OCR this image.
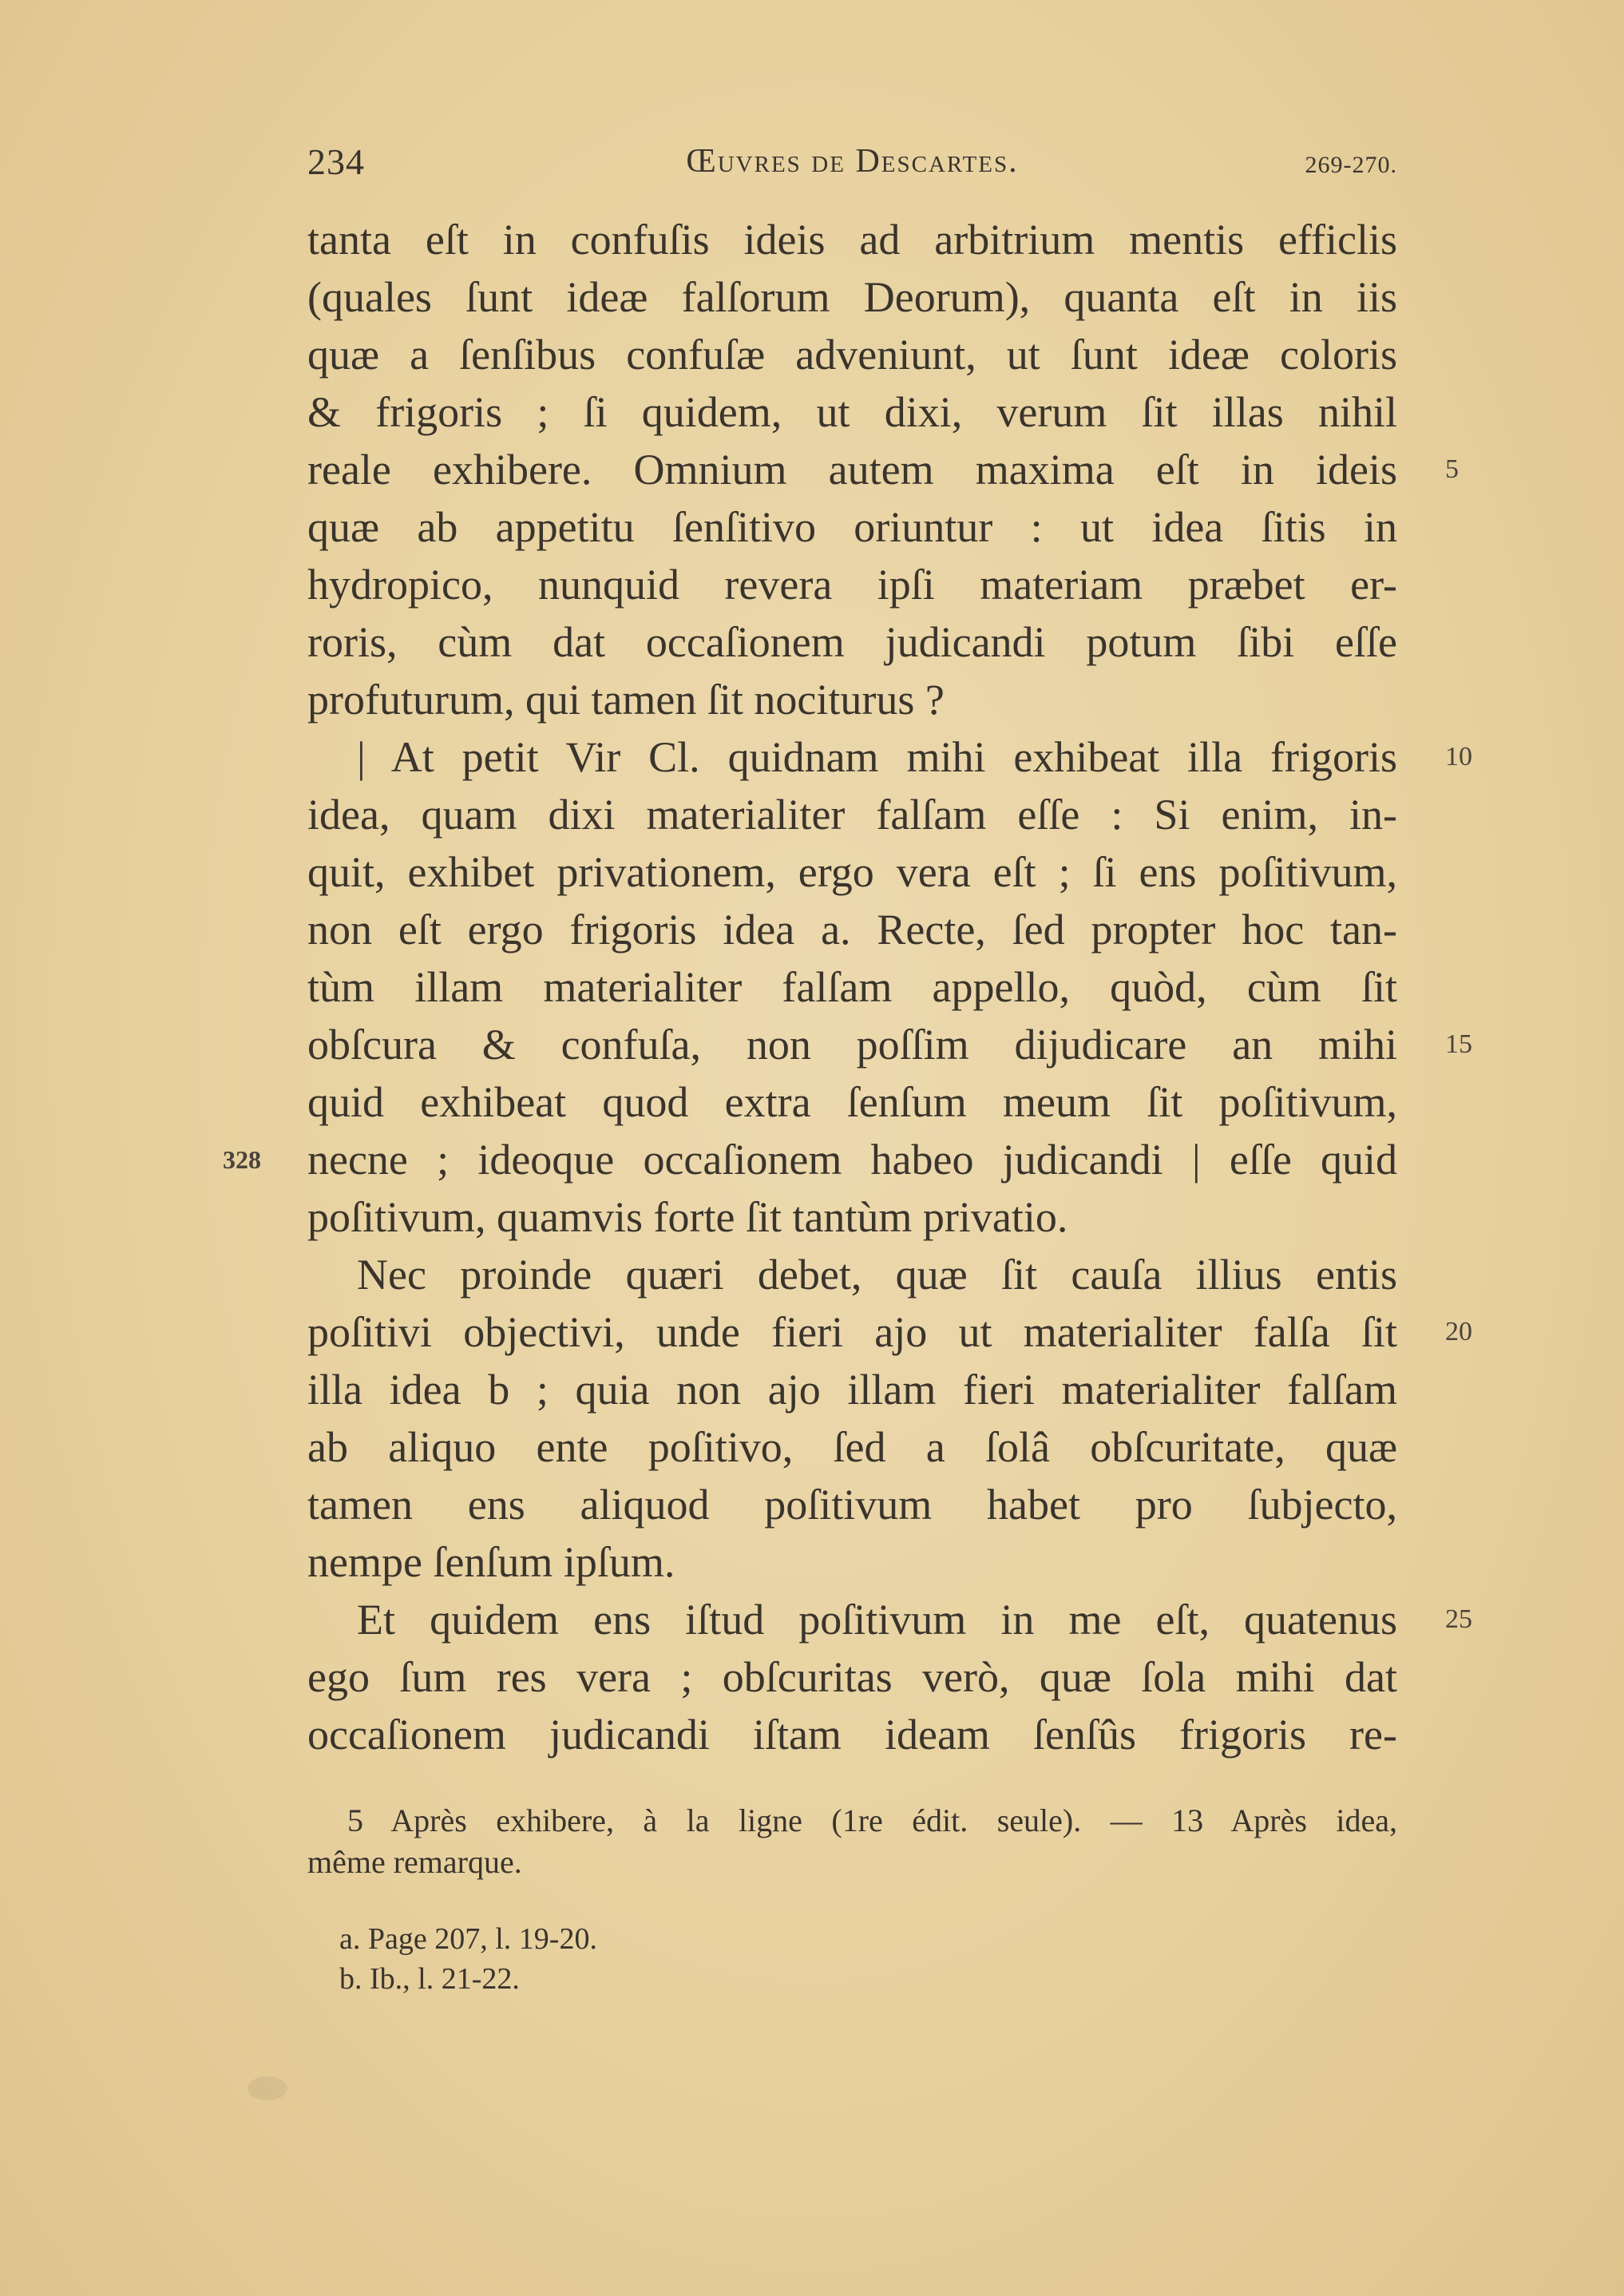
234	Œuvres de Descartes.	269-270.
tanta eſt in confuſis ideis ad arbitrium mentis efficlis
(quales ſunt ideæ falſorum Deorum), quanta eſt in iis
quæ a ſenſibus confuſæ adveniunt, ut ſunt ideæ coloris
& frigoris ; ſi quidem, ut dixi, verum ſit illas nihil
reale exhibere. Omnium autem maxima eſt in ideis 5
quæ ab appetitu ſenſitivo oriuntur : ut idea ſitis in
hydropico, nunquid revera ipſi materiam præbet er-
roris, cùm dat occaſionem judicandi potum ſibi eſſe
profuturum, qui tamen ſit nociturus ?
| At petit Vir Cl. quidnam mihi exhibeat illa frigoris 10
idea, quam dixi materialiter falſam eſſe : Si enim, in-
quit, exhibet privationem, ergo vera eſt ; ſi ens poſitivum,
non eſt ergo frigoris idea a. Recte, ſed propter hoc tan-
tùm illam materialiter falſam appello, quòd, cùm ſit
obſcura & confuſa, non poſſim dijudicare an mihi 15
quid exhibeat quod extra ſenſum meum ſit poſitivum,
328 necne ; ideoque occaſionem habeo judicandi | eſſe quid
poſitivum, quamvis forte ſit tantùm privatio.
Nec proinde quæri debet, quæ ſit cauſa illius entis
poſitivi objectivi, unde fieri ajo ut materialiter falſa ſit 20
illa idea b ; quia non ajo illam fieri materialiter falſam
ab aliquo ente poſitivo, ſed a ſolâ obſcuritate, quæ
tamen ens aliquod poſitivum habet pro ſubjecto,
nempe ſenſum ipſum.
Et quidem ens iſtud poſitivum in me eſt, quatenus 25
ego ſum res vera ; obſcuritas verò, quæ ſola mihi dat
occaſionem judicandi iſtam ideam ſenſûs frigoris re-
5 Après exhibere, à la ligne (1re édit. seule). — 13 Après idea,
même remarque.
a. Page 207, l. 19-20.
b. Ib., l. 21-22.
